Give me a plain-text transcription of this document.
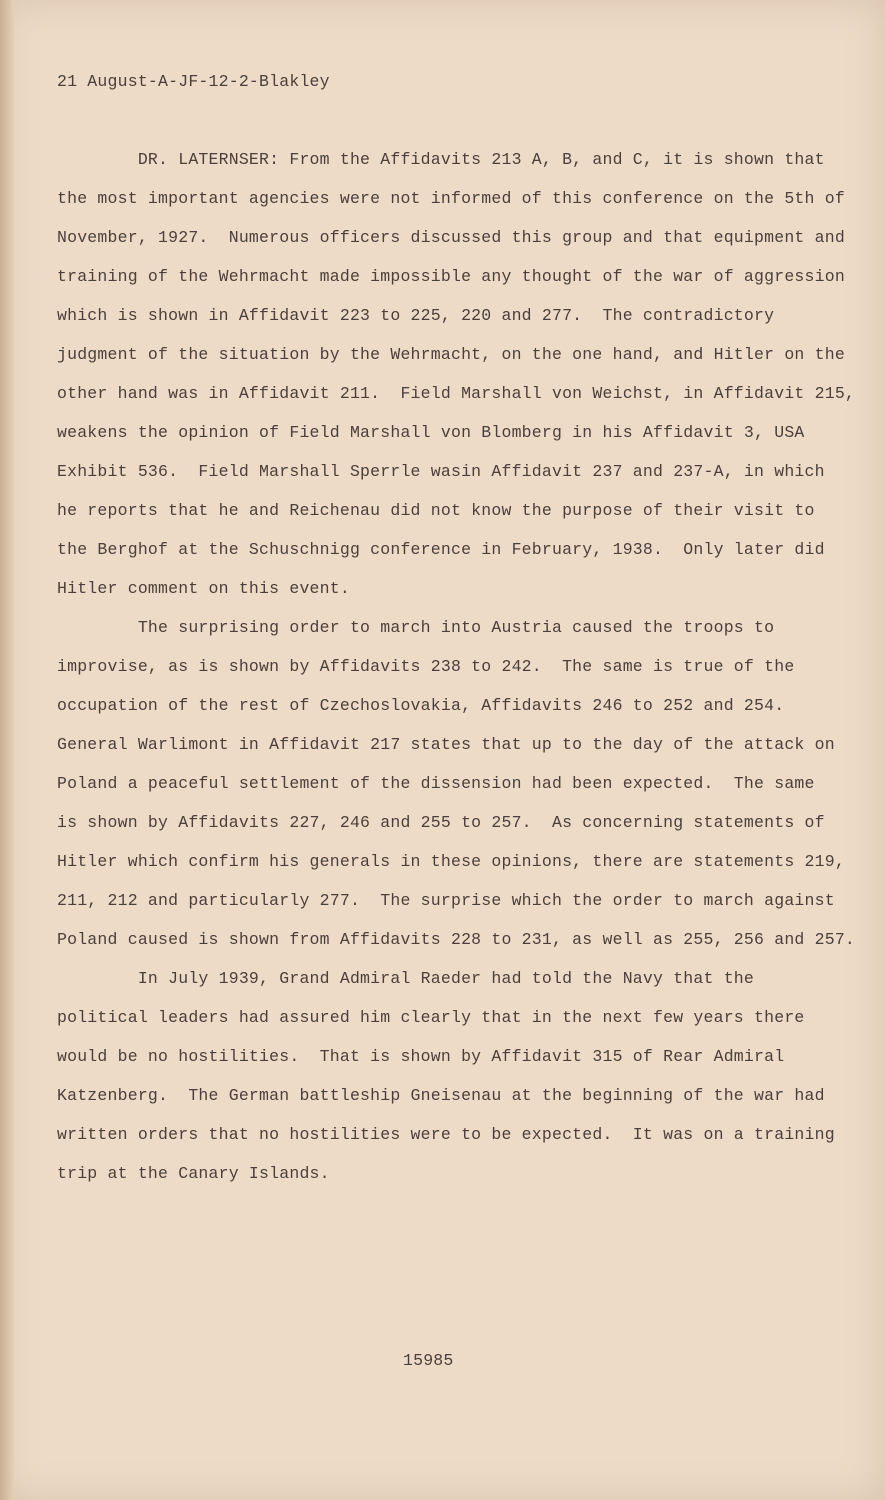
21 August-A-JF-12-2-Blakley
DR. LATERNSER: From the Affidavits 213 A, B, and C, it is shown that
the most important agencies were not informed of this conference on the 5th of
November, 1927.  Numerous officers discussed this group and that equipment and
training of the Wehrmacht made impossible any thought of the war of aggression
which is shown in Affidavit 223 to 225, 220 and 277.  The contradictory
judgment of the situation by the Wehrmacht, on the one hand, and Hitler on the
other hand was in Affidavit 211.  Field Marshall von Weichst, in Affidavit 215,
weakens the opinion of Field Marshall von Blomberg in his Affidavit 3, USA
Exhibit 536.  Field Marshall Sperrle wasin Affidavit 237 and 237-A, in which
he reports that he and Reichenau did not know the purpose of their visit to
the Berghof at the Schuschnigg conference in February, 1938.  Only later did
Hitler comment on this event.
The surprising order to march into Austria caused the troops to
improvise, as is shown by Affidavits 238 to 242.  The same is true of the
occupation of the rest of Czechoslovakia, Affidavits 246 to 252 and 254.
General Warlimont in Affidavit 217 states that up to the day of the attack on
Poland a peaceful settlement of the dissension had been expected.  The same
is shown by Affidavits 227, 246 and 255 to 257.  As concerning statements of
Hitler which confirm his generals in these opinions, there are statements 219,
211, 212 and particularly 277.  The surprise which the order to march against
Poland caused is shown from Affidavits 228 to 231, as well as 255, 256 and 257.
In July 1939, Grand Admiral Raeder had told the Navy that the
political leaders had assured him clearly that in the next few years there
would be no hostilities.  That is shown by Affidavit 315 of Rear Admiral
Katzenberg.  The German battleship Gneisenau at the beginning of the war had
written orders that no hostilities were to be expected.  It was on a training
trip at the Canary Islands.
15985
